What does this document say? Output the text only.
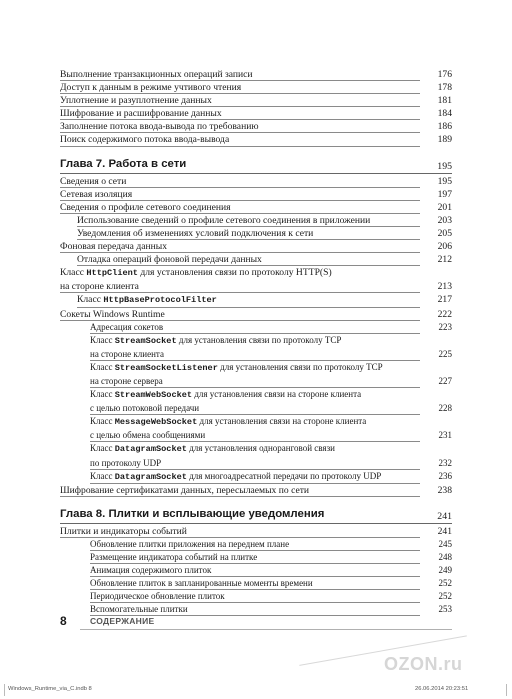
Выполнение транзакционных операций записи	176
Доступ к данным в режиме учтивого чтения	178
Уплотнение и разуплотнение данных	181
Шифрование и расшифрование данных	184
Заполнение потока ввода-вывода по требованию	186
Поиск содержимого потока ввода-вывода	189
Глава 7. Работа в сети	195
Сведения о сети	195
Сетевая изоляция	197
Сведения о профиле сетевого соединения	201
Использование сведений о профиле сетевого соединения в приложении	203
Уведомления об изменениях условий подключения к сети	205
Фоновая передача данных	206
Отладка операций фоновой передачи данных	212
Класс HttpClient для установления связи по протоколу HTTP(S)
на стороне клиента	213
Класс HttpBaseProtocolFilter	217
Сокеты Windows Runtime	222
Адресация сокетов	223
Класс StreamSocket для установления связи по протоколу TCP
на стороне клиента	225
Класс StreamSocketListener для установления связи по протоколу TCP
на стороне сервера	227
Класс StreamWebSocket для установления связи на стороне клиента
с целью потоковой передачи	228
Класс MessageWebSocket для установления связи на стороне клиента
с целью обмена сообщениями	231
Класс DatagramSocket для установления одноранговой связи
по протоколу UDP	232
Класс DatagramSocket для многоадресатной передачи по протоколу UDP	236
Шифрование сертификатами данных, пересылаемых по сети	238
Глава 8. Плитки и всплывающие уведомления	241
Плитки и индикаторы событий	241
Обновление плитки приложения на переднем плане	245
Размещение индикатора событий на плитке	248
Анимация содержимого плиток	249
Обновление плиток в запланированные моменты времени	252
Периодическое обновление плиток	252
Вспомогательные плитки	253
8	СОДЕРЖАНИЕ
OZON.ru
Windows_Runtime_via_C.indb 8	26.06.2014 20:23:51
